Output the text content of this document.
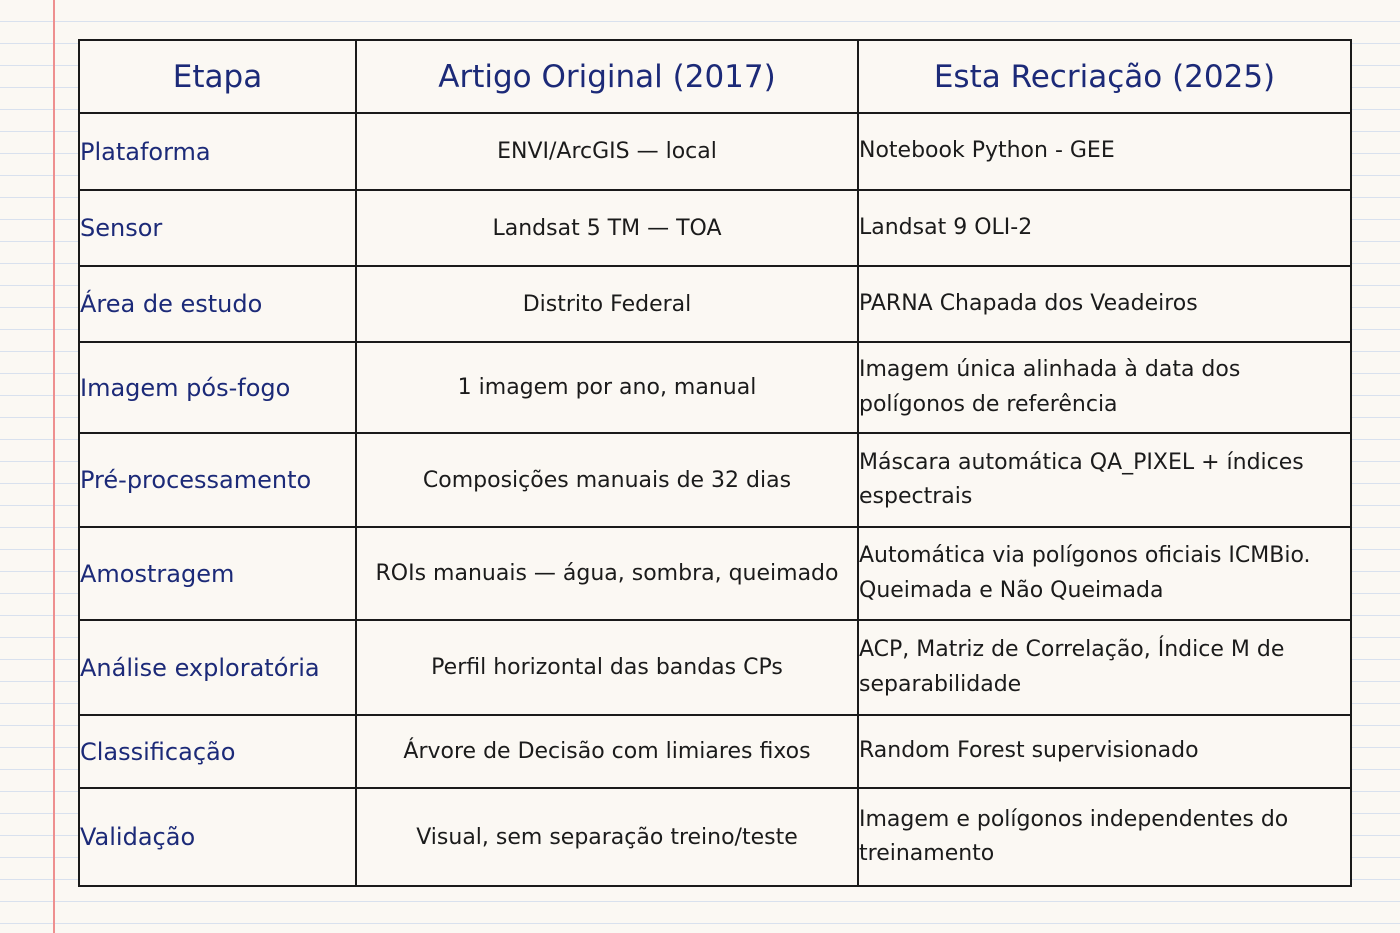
Etapa	Artigo Original (2017)	Esta Recriação (2025)
Plataforma	ENVI/ArcGIS — local	Notebook Python - GEE
Sensor	Landsat 5 TM — TOA	Landsat 9 OLI-2
Área de estudo	Distrito Federal	PARNA Chapada dos Veadeiros
Imagem pós-fogo	1 imagem por ano, manual	Imagem única alinhada à data dos polígonos de referência
Pré-processamento	Composições manuais de 32 dias	Máscara automática QA_PIXEL + índices espectrais
Amostragem	ROIs manuais — água, sombra, queimado	Automática via polígonos oficiais ICMBio. Queimada e Não Queimada
Análise exploratória	Perfil horizontal das bandas CPs	ACP, Matriz de Correlação, Índice M de separabilidade
Classificação	Árvore de Decisão com limiares fixos	Random Forest supervisionado
Validação	Visual, sem separação treino/teste	Imagem e polígonos independentes do treinamento
